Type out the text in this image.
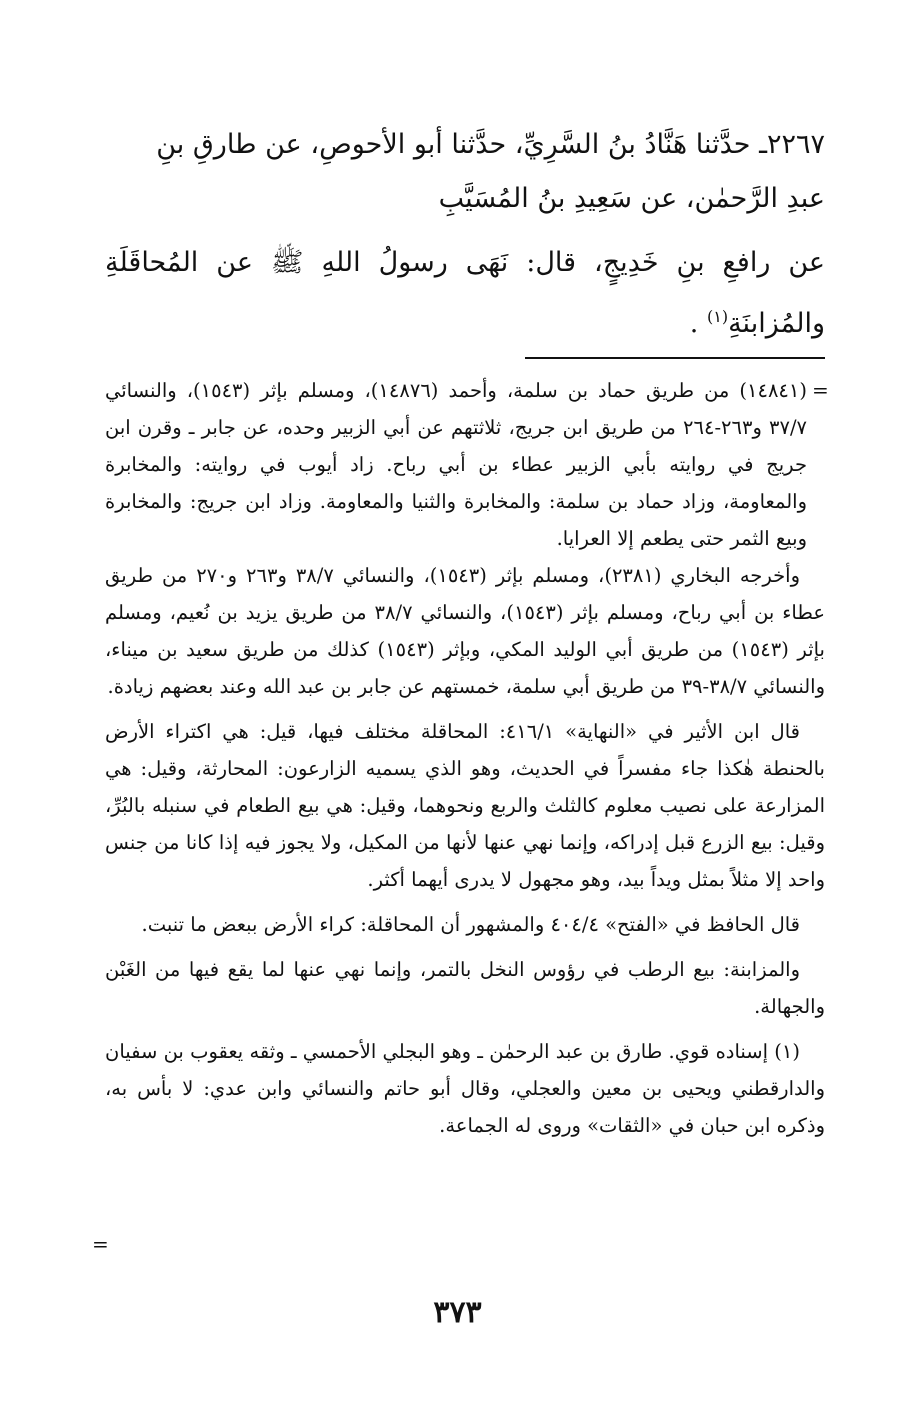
٢٢٦٧ـ حدَّثنا هَنَّادُ بنُ السَّرِيِّ، حدَّثنا أبو الأحوصِ، عن طارقِ بنِ

عبدِ الرَّحمٰن، عن سَعِيدِ بنُ المُسَيَّبِ

عن رافعِ بنِ خَدِيجٍ، قال: نَهَى رسولُ اللهِ ﷺ عن المُحاقَلَةِ والمُزابنَةِ$^{(١)}$ .

=

(١٤٨٤١) من طريق حماد بن سلمة، وأحمد (١٤٨٧٦)، ومسلم بإثر (١٥٤٣)، والنسائي ٣٧/٧ و٢٦٣-٢٦٤ من طريق ابن جريج، ثلاثتهم عن أبي الزبير وحده، عن جابر ـ وقرن ابن جريج في روايته بأبي الزبير عطاء بن أبي رباح. زاد أيوب في روايته: والمخابرة والمعاومة، وزاد حماد بن سلمة: والمخابرة والثنيا والمعاومة. وزاد ابن جريج: والمخابرة وبيع الثمر حتى يطعم إلا العرايا.

وأخرجه البخاري (٢٣٨١)، ومسلم بإثر (١٥٤٣)، والنسائي ٣٨/٧ و٢٦٣ و٢٧٠ من طريق عطاء بن أبي رباح، ومسلم بإثر (١٥٤٣)، والنسائي ٣٨/٧ من طريق يزيد بن نُعيم، ومسلم بإثر (١٥٤٣) من طريق أبي الوليد المكي، وبإثر (١٥٤٣) كذلك من طريق سعيد بن ميناء، والنسائي ٣٨/٧-٣٩ من طريق أبي سلمة، خمستهم عن جابر بن عبد الله وعند بعضهم زيادة.

قال ابن الأثير في «النهاية» ٤١٦/١: المحاقلة مختلف فيها، قيل: هي اكتراء الأرض بالحنطة هٰكذا جاء مفسراً في الحديث، وهو الذي يسميه الزارعون: المحارثة، وقيل: هي المزارعة على نصيب معلوم كالثلث والربع ونحوهما، وقيل: هي بيع الطعام في سنبله بالبُرِّ، وقيل: بيع الزرع قبل إدراكه، وإنما نهي عنها لأنها من المكيل، ولا يجوز فيه إذا كانا من جنس واحد إلا مثلاً بمثل ويداً بيد، وهو مجهول لا يدرى أيهما أكثر.

قال الحافظ في «الفتح» ٤٠٤/٤ والمشهور أن المحاقلة: كراء الأرض ببعض ما تنبت.

والمزابنة: بيع الرطب في رؤوس النخل بالتمر، وإنما نهي عنها لما يقع فيها من الغَبْن والجهالة.

(١) إسناده قوي. طارق بن عبد الرحمٰن ـ وهو البجلي الأحمسي ـ وثقه يعقوب بن سفيان والدارقطني ويحيى بن معين والعجلي، وقال أبو حاتم والنسائي وابن عدي: لا بأس به، وذكره ابن حبان في «الثقات» وروى له الجماعة.

=
٣٧٣
